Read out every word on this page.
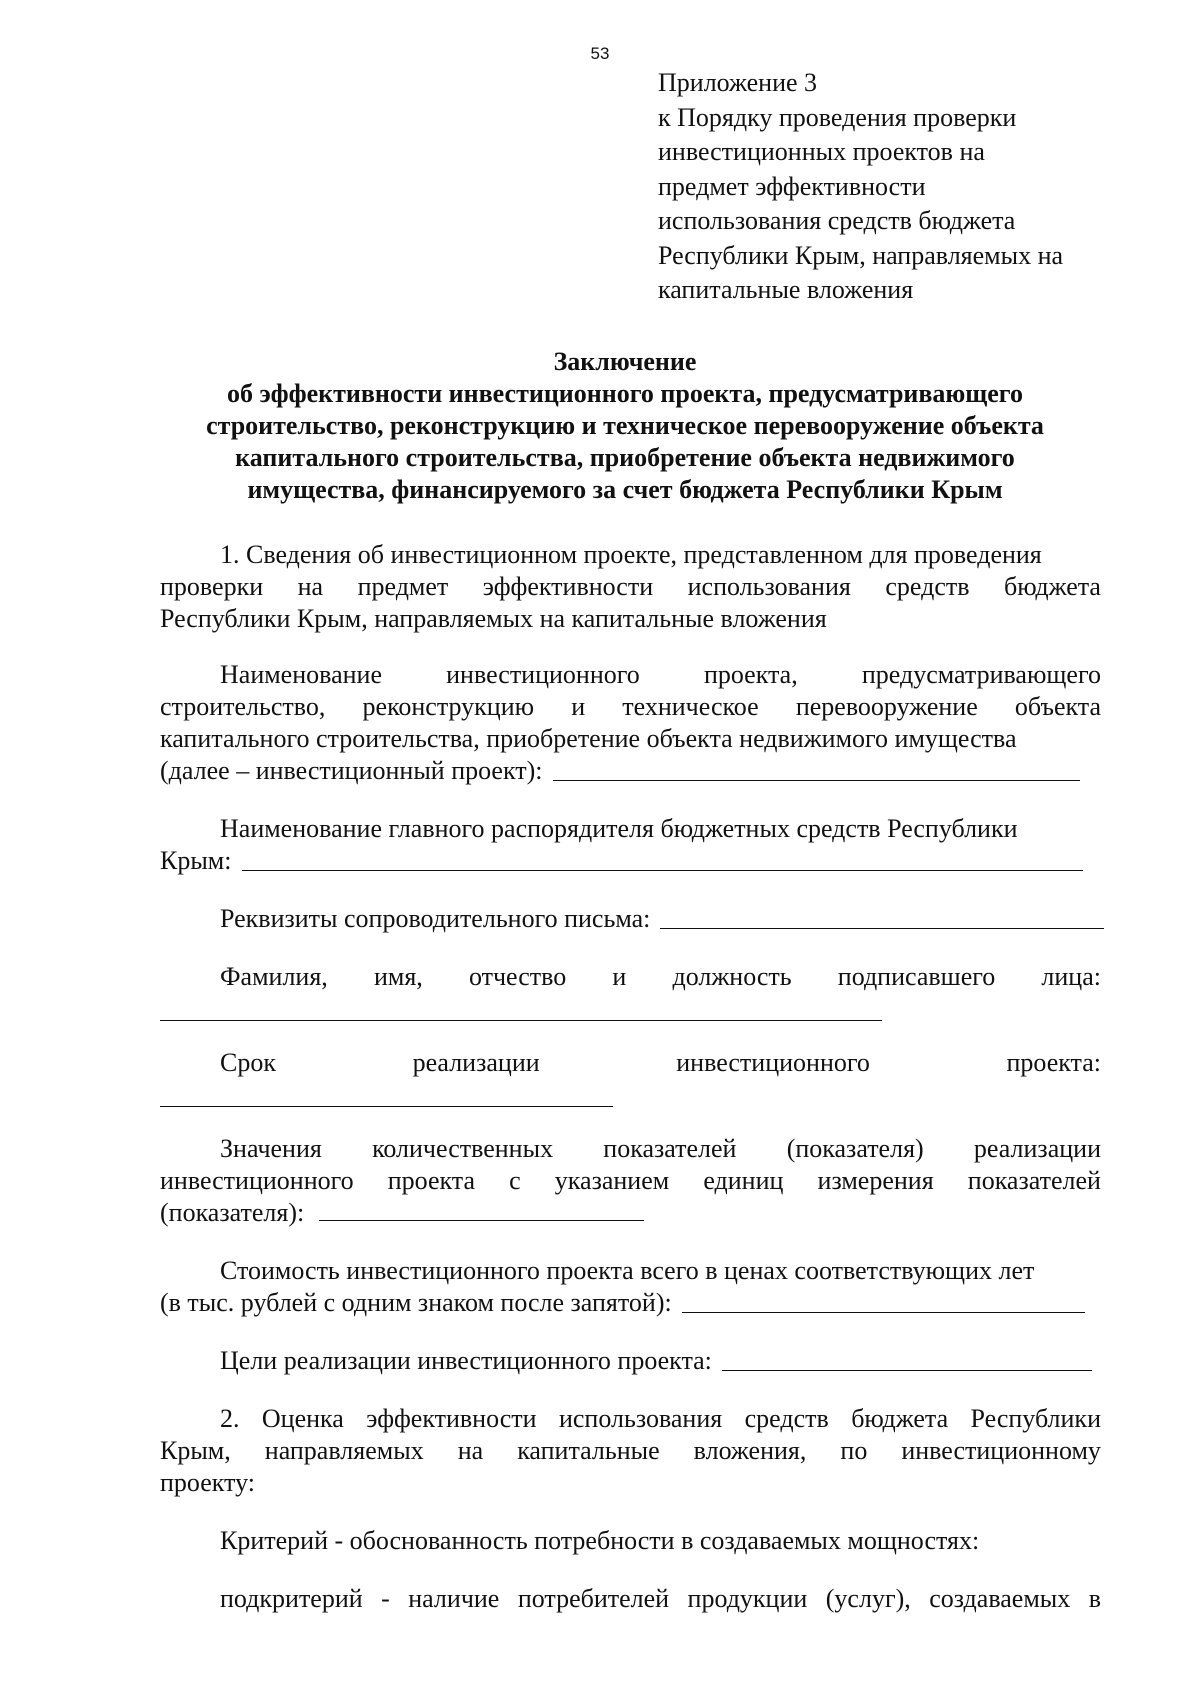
53
Приложение 3
к Порядку проведения проверки
инвестиционных проектов на
предмет эффективности
использования средств бюджета
Республики Крым, направляемых на
капитальные вложения
Заключение
об эффективности инвестиционного проекта, предусматривающего
строительство, реконструкцию и техническое перевооружение объекта
капитального строительства, приобретение объекта недвижимого
имущества, финансируемого за счет бюджета Республики Крым
1. Сведения об инвестиционном проекте, представленном для проведения
проверки на предмет эффективности использования средств бюджета
Республики Крым, направляемых на капитальные вложения
Наименование инвестиционного проекта, предусматривающего
строительство, реконструкцию и техническое перевооружение объекта
капитального строительства, приобретение объекта недвижимого имущества
(далее – инвестиционный проект):
Наименование главного распорядителя бюджетных средств Республики
Крым:
Реквизиты сопроводительного письма:
Фамилия, имя, отчество и должность подписавшего лица:
Срок	реализации	инвестиционного	проекта:
Значения количественных показателей (показателя) реализации
инвестиционного проекта с указанием единиц измерения показателей
(показателя):
Стоимость инвестиционного проекта всего в ценах соответствующих лет
(в тыс. рублей с одним знаком после запятой):
Цели реализации инвестиционного проекта:
2. Оценка эффективности использования средств бюджета Республики
Крым, направляемых на капитальные вложения, по инвестиционному
проекту:
Критерий - обоснованность потребности в создаваемых мощностях:
подкритерий - наличие потребителей продукции (услуг), создаваемых в
